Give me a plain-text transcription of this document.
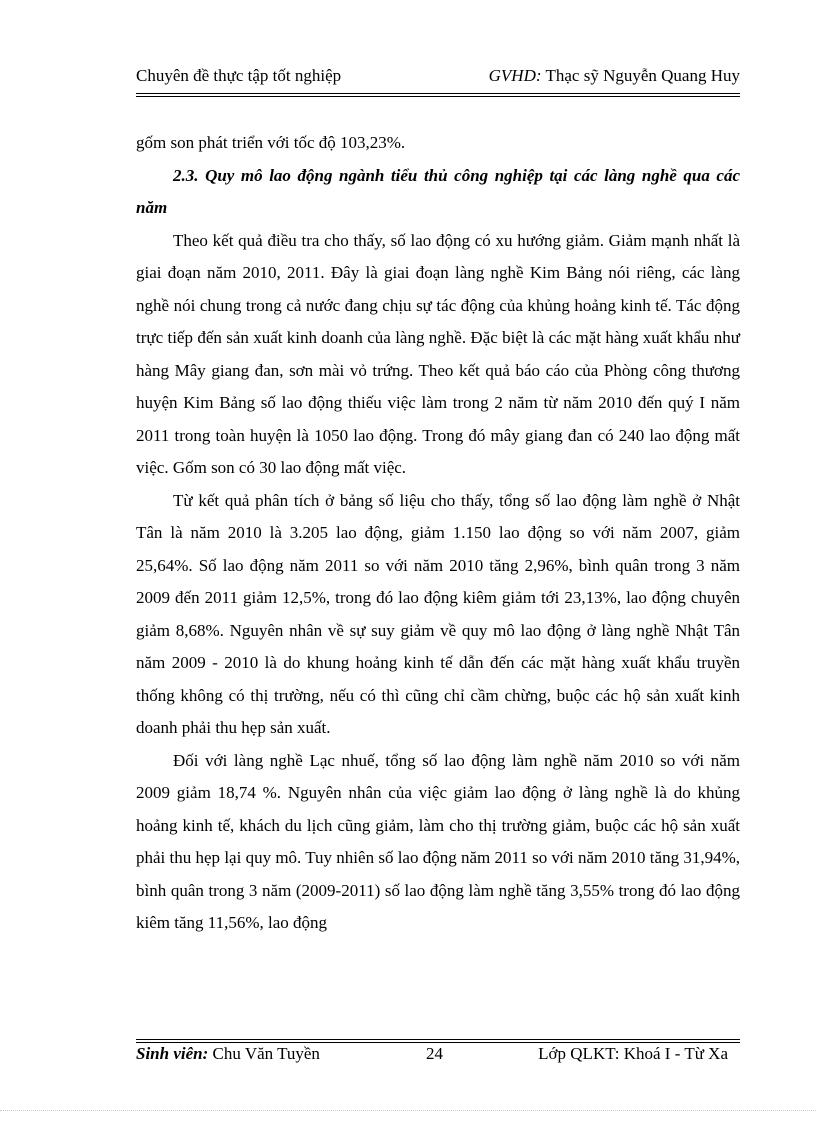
Chuyên đề thực tập tốt nghiệp	GVHD: Thạc sỹ Nguyễn Quang Huy

gốm son phát triển với tốc độ 103,23%.

2.3. Quy mô lao động ngành tiểu thủ công nghiệp tại các làng nghề qua các năm

Theo kết quả điều tra cho thấy, số lao động có xu hướng giảm. Giảm mạnh nhất là giai đoạn năm 2010, 2011. Đây là giai đoạn làng nghề Kim Bảng nói riêng, các làng nghề nói chung trong cả nước đang chịu sự tác động của khủng hoảng kinh tế. Tác động trực tiếp đến sản xuất kinh doanh của làng nghề. Đặc biệt là các mặt hàng xuất khẩu như hàng Mây giang đan, sơn mài vỏ trứng. Theo kết quả báo cáo của Phòng công thương huyện Kim Bảng số lao động thiếu việc làm trong 2 năm từ năm 2010 đến quý I năm 2011 trong toàn huyện là 1050 lao động. Trong đó mây giang đan có 240 lao động mất việc. Gốm son có 30 lao động mất việc.

Từ kết quả phân tích ở bảng số liệu cho thấy, tổng số lao động làm nghề ở Nhật Tân là năm 2010 là 3.205 lao động, giảm 1.150 lao động so với năm 2007, giảm 25,64%. Số lao động năm 2011 so với năm 2010 tăng 2,96%, bình quân trong 3 năm 2009 đến 2011 giảm 12,5%, trong đó lao động kiêm giảm tới 23,13%, lao động chuyên giảm 8,68%. Nguyên nhân về sự suy giảm về quy mô lao động ở làng nghề Nhật Tân năm 2009 - 2010 là do khung hoảng kinh tế dẫn đến các mặt hàng xuất khẩu truyền thống không có thị trường, nếu có thì cũng chỉ cầm chừng, buộc các hộ sản xuất kinh doanh phải thu hẹp sản xuất.

Đối với làng nghề Lạc nhuế, tổng số lao động làm nghề năm 2010 so với năm 2009 giảm 18,74 %. Nguyên nhân của việc giảm lao động ở làng nghề là do khủng hoảng kinh tế, khách du lịch cũng giảm, làm cho thị trường giảm, buộc các hộ sản xuất phải thu hẹp lại quy mô. Tuy nhiên số lao động năm 2011 so với năm 2010 tăng 31,94%, bình quân trong 3 năm (2009-2011) số lao động làm nghề tăng 3,55% trong đó lao động kiêm tăng 11,56%, lao động

Sinh viên: Chu Văn Tuyền	24	Lớp QLKT: Khoá I - Từ Xa
